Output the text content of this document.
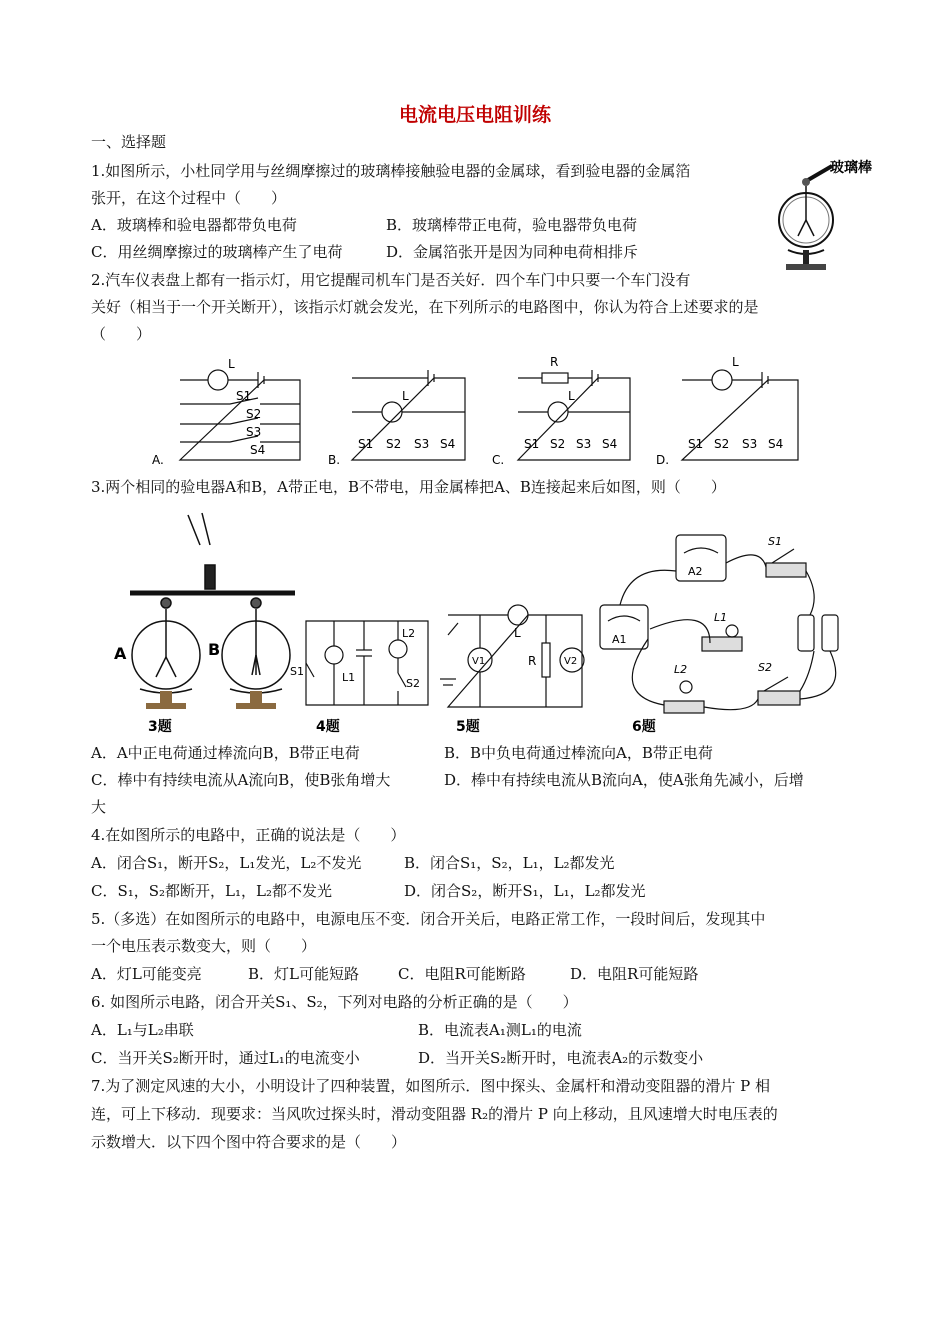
电流电压电阻训练
一、选择题
1.如图所示，小杜同学用与丝绸摩擦过的玻璃棒接触验电器的金属球，看到验电器的金属箔
张开，在这个过程中（　　）
A．玻璃棒和验电器都带负电荷	B．玻璃棒带正电荷，验电器带负电荷
C．用丝绸摩擦过的玻璃棒产生了电荷	D．金属箔张开是因为同种电荷相排斥
玻璃棒
2.汽车仪表盘上都有一指示灯，用它提醒司机车门是否关好．四个车门中只要一个车门没有
关好（相当于一个开关断开），该指示灯就会发光，在下列所示的电路图中，你认为符合上述要求的是
（　　）
A.
L
S1
S2
S3
S4
B.
L
S1 S2 S3 S4
C.
R
L
S1 S2 S3 S4
D.
L
S1 S2 S3 S4
3.两个相同的验电器A和B，A带正电，B不带电，用金属棒把A、B连接起来后如图，则（　　）
A	B
L2
L1
S1
S2
L
R
V1	V2
A2
A1
S1
L1
L2	S2
3题	4题	5题	6题
A．A中正电荷通过棒流向B，B带正电荷	B．B中负电荷通过棒流向A，B带正电荷
C．棒中有持续电流从A流向B，使B张角增大	D．棒中有持续电流从B流向A，使A张角先减小，后增
大
4.在如图所示的电路中，正确的说法是（　　）
A．闭合S₁，断开S₂，L₁发光，L₂不发光	B．闭合S₁，S₂，L₁，L₂都发光
C．S₁，S₂都断开，L₁，L₂都不发光	D．闭合S₂，断开S₁，L₁，L₂都发光
5.（多选）在如图所示的电路中，电源电压不变．闭合开关后，电路正常工作，一段时间后，发现其中
一个电压表示数变大，则（　　）
A．灯L可能变亮	B．灯L可能短路	C．电阻R可能断路	D．电阻R可能短路
6. 如图所示电路，闭合开关S₁、S₂，下列对电路的分析正确的是（　　）
A．L₁与L₂串联	B．电流表A₁测L₁的电流
C．当开关S₂断开时，通过L₁的电流变小	D．当开关S₂断开时，电流表A₂的示数变小
7.为了测定风速的大小，小明设计了四种装置，如图所示．图中探头、金属杆和滑动变阻器的滑片 P 相
连，可上下移动．现要求：当风吹过探头时，滑动变阻器 R₂的滑片 P 向上移动，且风速增大时电压表的
示数增大．以下四个图中符合要求的是（　　）
